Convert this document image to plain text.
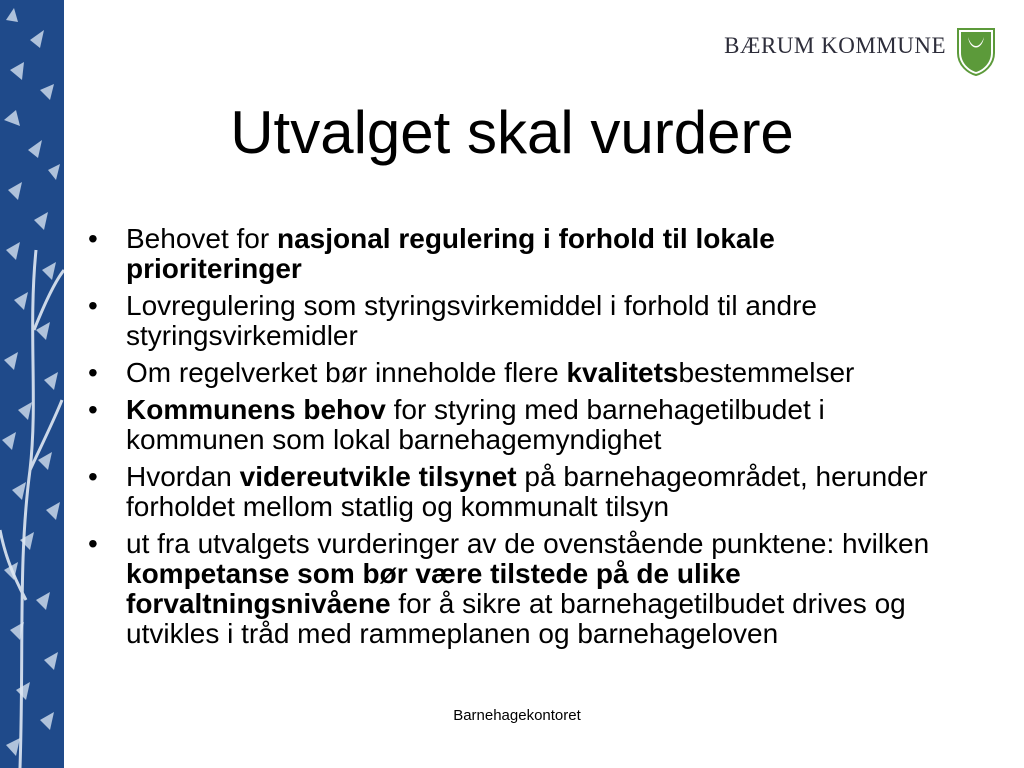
BÆRUM KOMMUNE
Utvalget skal vurdere
• Behovet for nasjonal regulering i forhold til lokale prioriteringer
• Lovregulering som styringsvirkemiddel i forhold til andre styringsvirkemidler
• Om regelverket bør inneholde flere kvalitetsbestemmelser
• Kommunens behov for styring med barnehagetilbudet i kommunen som lokal barnehagemyndighet
• Hvordan videreutvikle tilsynet på barnehageområdet, herunder forholdet mellom statlig og kommunalt tilsyn
• ut fra utvalgets vurderinger av de ovenstående punktene: hvilken kompetanse som bør være tilstede på de ulike forvaltningsnivåene for å sikre at barnehagetilbudet drives og utvikles i tråd med rammeplanen og barnehageloven
Barnehagekontoret
